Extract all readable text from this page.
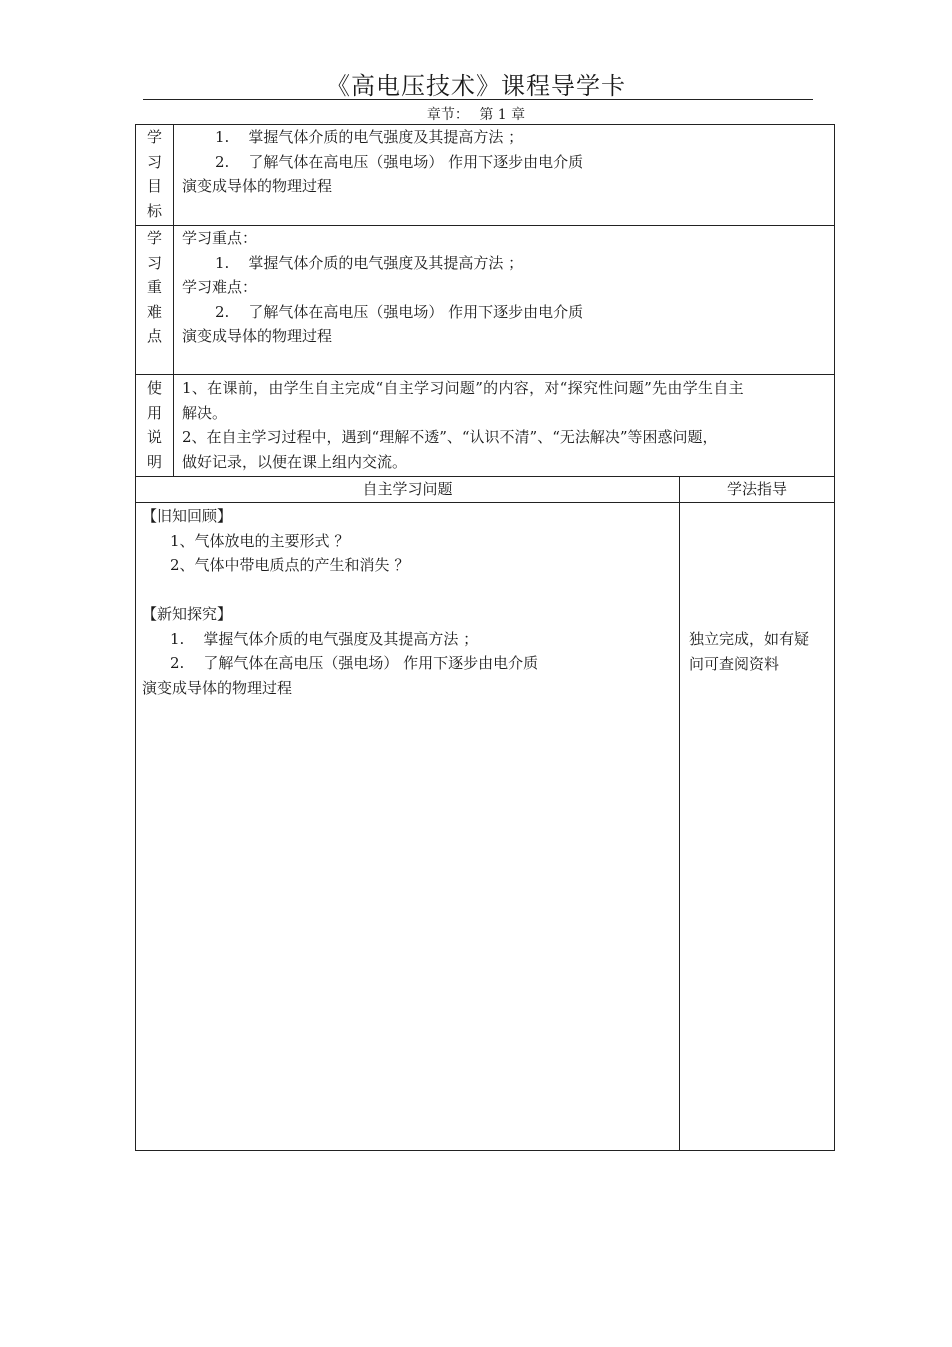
《高电压技术》课程导学卡
章节： 第 1 章
学
习
目
标

1. 掌握气体介质的电气强度及其提高方法 ；

2. 了解气体在高电压（强电场） 作用下逐步由电介质

演变成导体的物理过程

学
习
重
难
点

学习重点：

1. 掌握气体介质的电气强度及其提高方法 ；

学习难点：

2. 了解气体在高电压（强电场） 作用下逐步由电介质

演变成导体的物理过程

使
用
说
明

1、在课前，由学生自主完成“自主学习问题”的内容，对“探究性问题”先由学生自主

解决。

2、在自主学习过程中，遇到“理解不透”、“认识不清”、“无法解决”等困惑问题，

做好记录，以便在课上组内交流。

自主学习问题	学法指导

【旧知回顾】

1、气体放电的主要形式 ？

2、气体中带电质点的产生和消失 ？

【新知探究】

1. 掌握气体介质的电气强度及其提高方法 ；

2. 了解气体在高电压（强电场） 作用下逐步由电介质

演变成导体的物理过程

独立完成，如有疑

问可查阅资料
